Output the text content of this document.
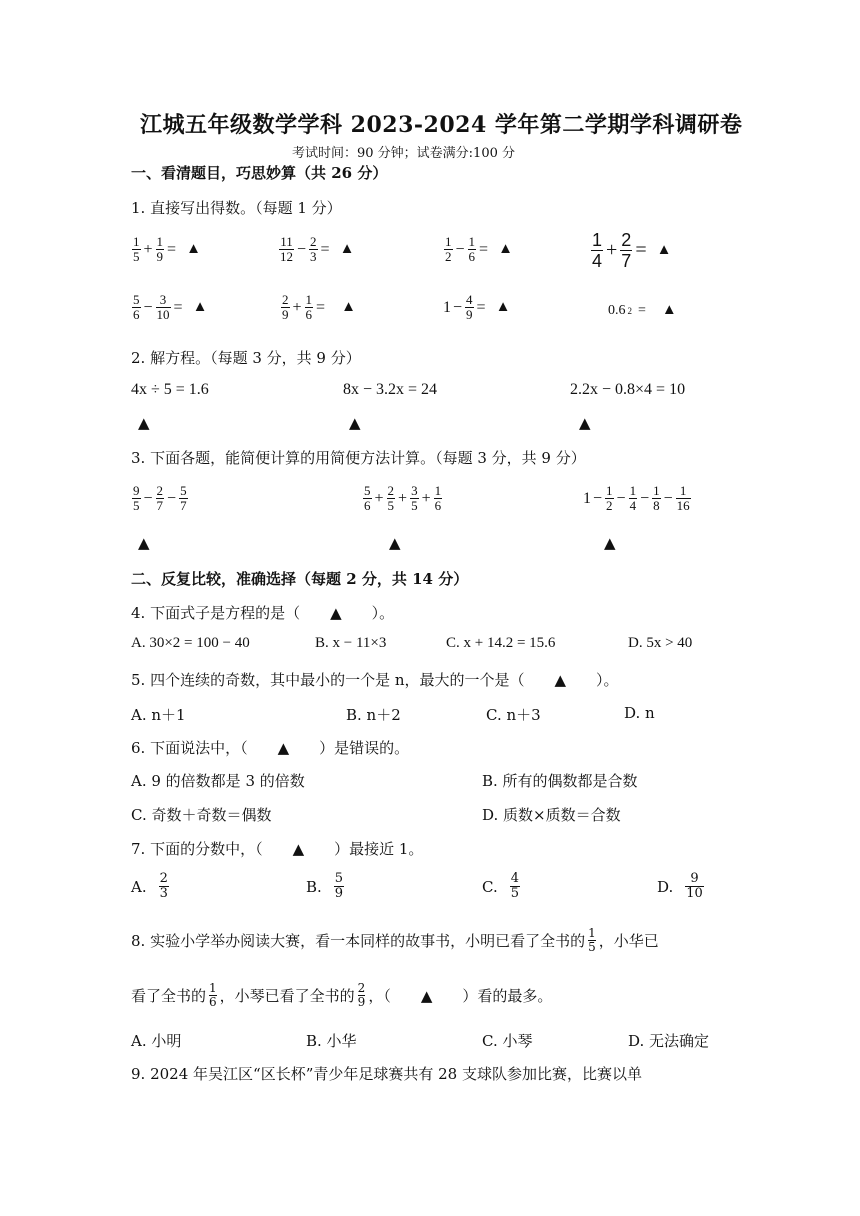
江城五年级数学学科 2023-2024 学年第二学期学科调研卷
考试时间：90 分钟；试卷满分:100 分
一、看清题目，巧思妙算（共 26 分）
1. 直接写出得数。（每题 1 分）
$\frac{1}{5} + \frac{1}{9}$ = ▲	$\frac{11}{12} - \frac{2}{3}$ = ▲	$\frac{1}{2} - \frac{1}{6}$ = ▲	$\frac{1}{4} + \frac{2}{7}$ = ▲
$\frac{5}{6} - \frac{3}{10}$ = ▲	$\frac{2}{9} + \frac{1}{6}$ = ▲	$1 - \frac{4}{9}$ = ▲	0.6 2 = ▲
2. 解方程。（每题 3 分，共 9 分）
4x ÷ 5 = 1.6	8x − 3.2x = 24	2.2x − 0.8×4 = 10
▲	▲	▲
3. 下面各题，能简便计算的用简便方法计算。（每题 3 分，共 9 分）
$\frac{9}{5} - \frac{2}{7} - \frac{5}{7}$	$\frac{5}{6} + \frac{2}{5} + \frac{3}{5} + \frac{1}{6}$	$1 - \frac{1}{2} - \frac{1}{4} - \frac{1}{8} - \frac{1}{16}$
▲	▲	▲
二、反复比较，准确选择（每题 2 分，共 14 分）
4. 下面式子是方程的是（　　▲　　）。
A. 30×2 = 100 − 40	B. x − 11×3	C. x + 14.2 = 15.6	D. 5x > 40
5. 四个连续的奇数，其中最小的一个是 n，最大的一个是（　　▲　　）。
A. n＋1	B. n＋2	C. n＋3	D. n
6. 下面说法中，（　　▲　　）是错误的。
A. 9 的倍数都是 3 的倍数	B. 所有的偶数都是合数
C. 奇数＋奇数＝偶数	D. 质数×质数＝合数
7. 下面的分数中，（　　▲　　）最接近 1。
A. $\frac{2}{3}$	B. $\frac{5}{9}$	C. $\frac{4}{5}$	D. $\frac{9}{10}$
8. 实验小学举办阅读大赛，看一本同样的故事书，小明已看了全书的 $\frac{1}{5}$ ，小华已
看了全书的 $\frac{1}{6}$ ，小琴已看了全书的 $\frac{2}{9}$ ，（　　▲　　）看的最多。
A. 小明	B. 小华	C. 小琴	D. 无法确定
9. 2024 年吴江区“区长杯”青少年足球赛共有 28 支球队参加比赛，比赛以单
